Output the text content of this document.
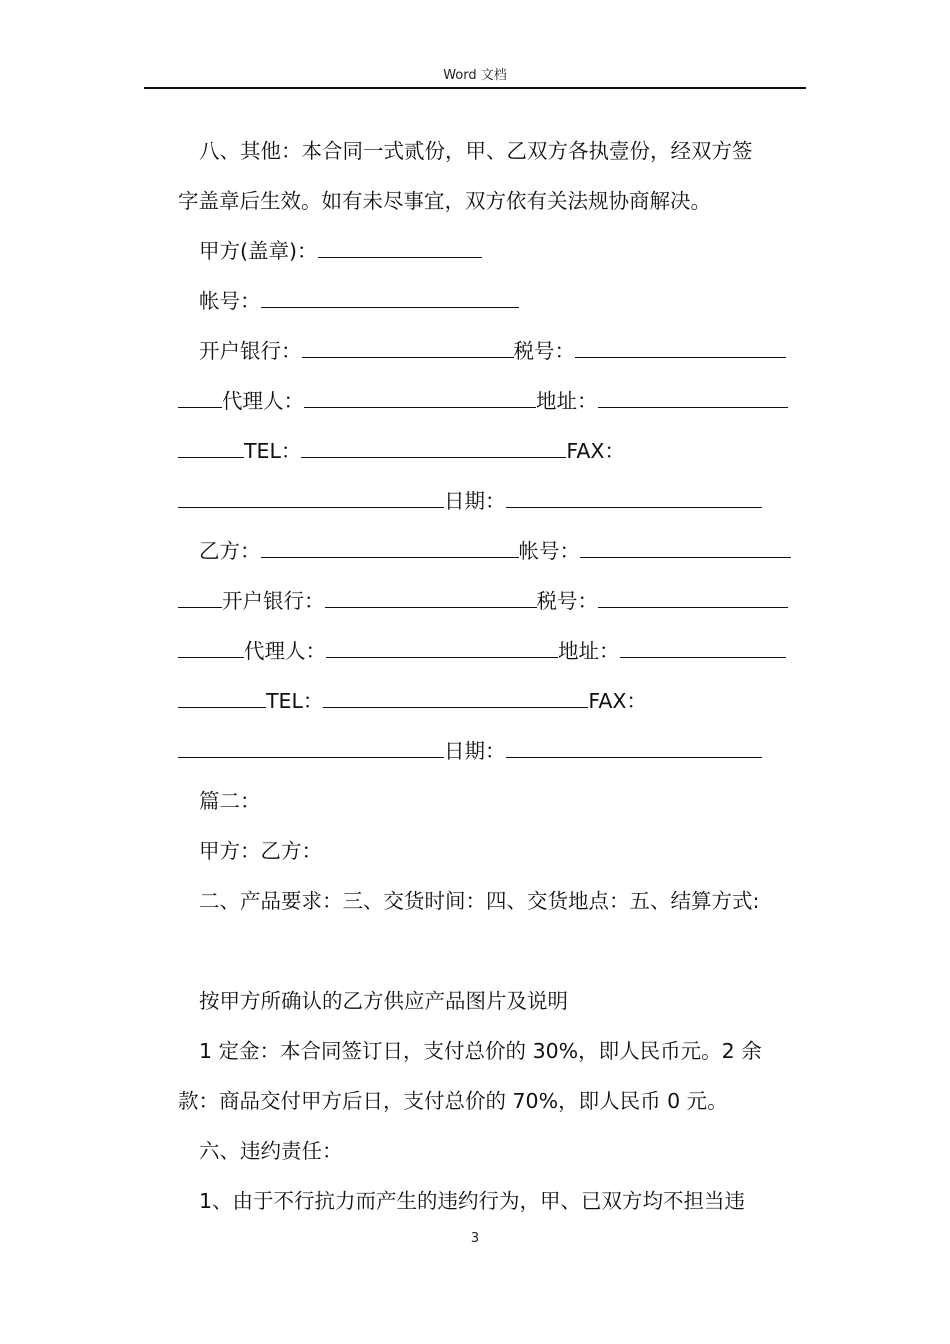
Word 文档
八、其他：本合同一式贰份，甲、乙双方各执壹份，经双方签
字盖章后生效。如有未尽事宜，双方依有关法规协商解决。
甲方(盖章)：
帐号：
开户银行：	税号：
代理人：	地址：
TEL：	FAX：
日期：
乙方：	帐号：
开户银行：	税号：
代理人：	地址：
TEL：	FAX：
日期：
篇二：
甲方：乙方：
二、产品要求：三、交货时间：四、交货地点：五、结算方式:
按甲方所确认的乙方供应产品图片及说明
1 定金：本合同签订日，支付总价的 30%，即人民币元。2 余
款：商品交付甲方后日，支付总价的 70%，即人民币 0 元。
六、违约责任：
1、由于不行抗力而产生的违约行为，甲、已双方均不担当违
3
